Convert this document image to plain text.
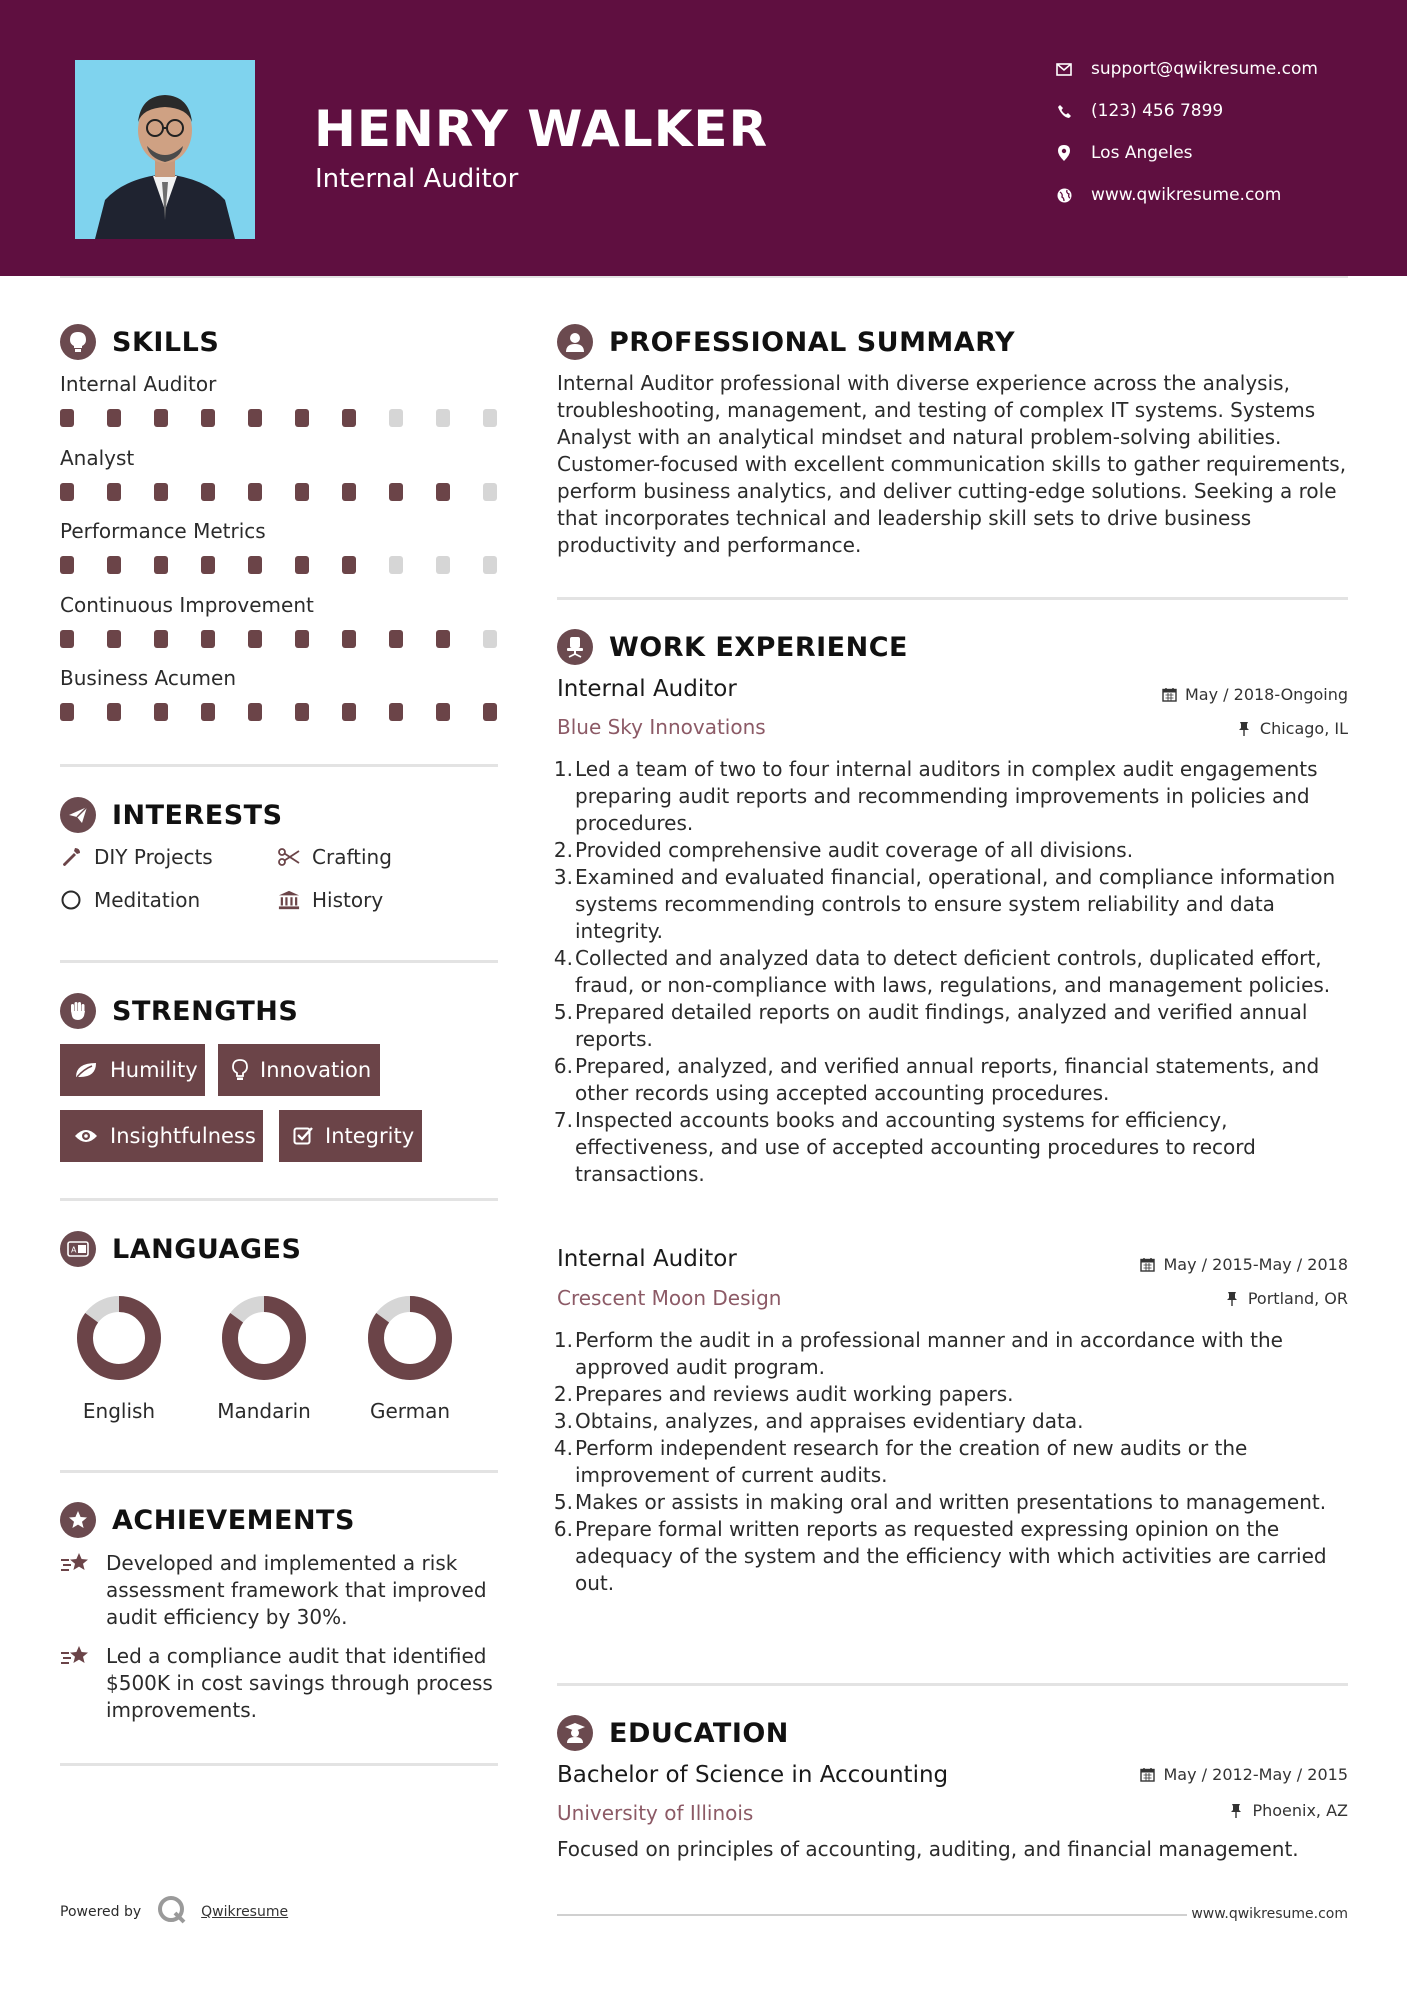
HENRY WALKER
Internal Auditor
support@qwikresume.com
(123) 456 7899
Los Angeles
www.qwikresume.com
SKILLS
Internal Auditor
Analyst
Performance Metrics
Continuous Improvement
Business Acumen
INTERESTS
DIY Projects	Crafting
Meditation	History
STRENGTHS
Humility	Innovation
Insightfulness	Integrity
A LANGUAGES
English	Mandarin	German
ACHIEVEMENTS
Developed and implemented a risk assessment framework that improved audit efficiency by 30%.
Led a compliance audit that identified $500K in cost savings through process improvements.
PROFESSIONAL SUMMARY
Internal Auditor professional with diverse experience across the analysis, troubleshooting, management, and testing of complex IT systems. Systems Analyst with an analytical mindset and natural problem-solving abilities. Customer-focused with excellent communication skills to gather requirements, perform business analytics, and deliver cutting-edge solutions. Seeking a role that incorporates technical and leadership skill sets to drive business productivity and performance.
WORK EXPERIENCE
Internal Auditor	May / 2018-Ongoing
Blue Sky Innovations	Chicago, IL
1. Led a team of two to four internal auditors in complex audit engagements preparing audit reports and recommending improvements in policies and procedures.
2. Provided comprehensive audit coverage of all divisions.
3. Examined and evaluated financial, operational, and compliance information systems recommending controls to ensure system reliability and data integrity.
4. Collected and analyzed data to detect deficient controls, duplicated effort, fraud, or non-compliance with laws, regulations, and management policies.
5. Prepared detailed reports on audit findings, analyzed and verified annual reports.
6. Prepared, analyzed, and verified annual reports, financial statements, and other records using accepted accounting procedures.
7. Inspected accounts books and accounting systems for efficiency, effectiveness, and use of accepted accounting procedures to record transactions.
Internal Auditor	May / 2015-May / 2018
Crescent Moon Design	Portland, OR
1. Perform the audit in a professional manner and in accordance with the approved audit program.
2. Prepares and reviews audit working papers.
3. Obtains, analyzes, and appraises evidentiary data.
4. Perform independent research for the creation of new audits or the improvement of current audits.
5. Makes or assists in making oral and written presentations to management.
6. Prepare formal written reports as requested expressing opinion on the adequacy of the system and the efficiency with which activities are carried out.
EDUCATION
Bachelor of Science in Accounting	May / 2012-May / 2015
University of Illinois	Phoenix, AZ
Focused on principles of accounting, auditing, and financial management.
Powered by	Qwikresume	www.qwikresume.com
